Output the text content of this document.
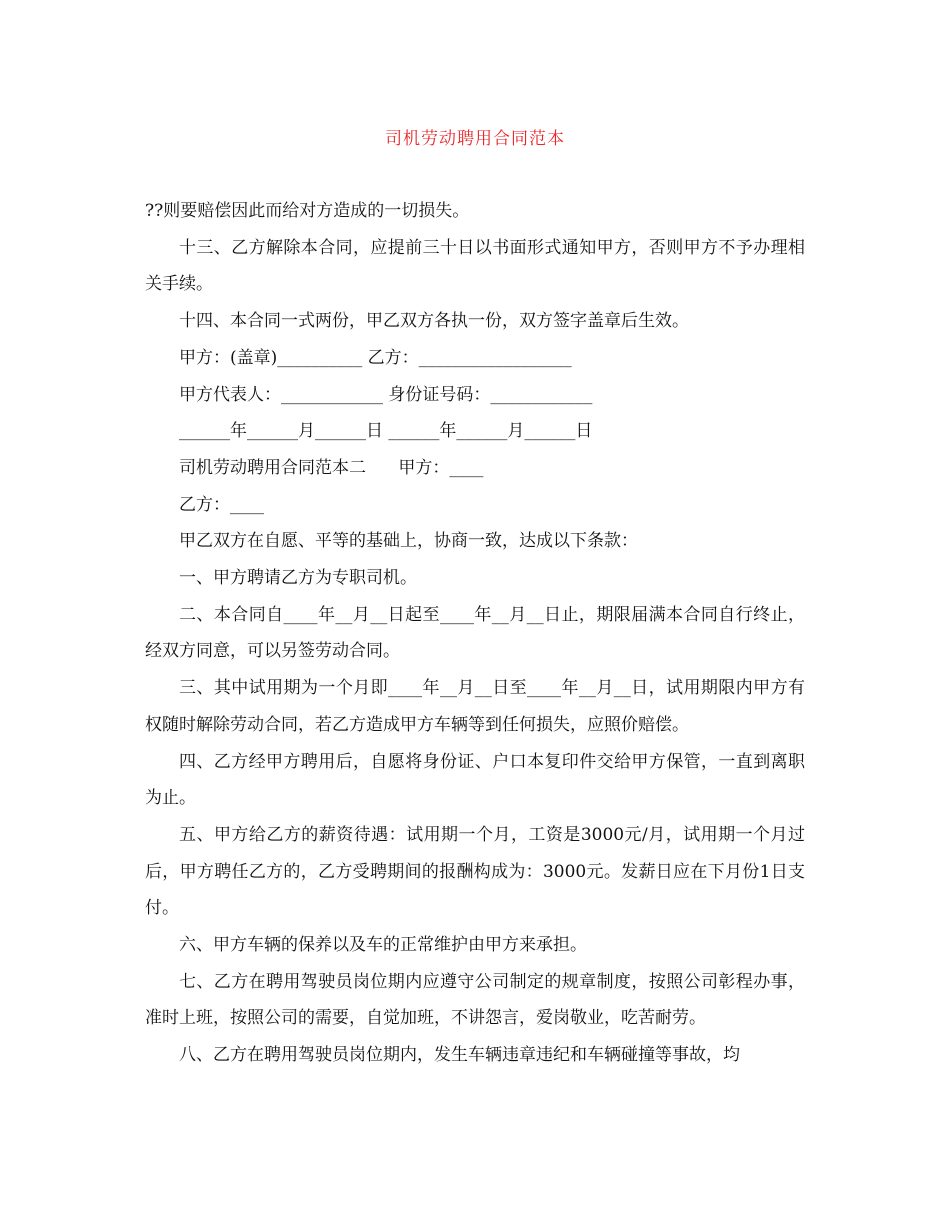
司机劳动聘用合同范本

??则要赔偿因此而给对方造成的一切损失。

十三、乙方解除本合同，应提前三十日以书面形式通知甲方，否则甲方不予办理相关手续。

十四、本合同一式两份，甲乙双方各执一份，双方签字盖章后生效。

甲方：(盖章)__________ 乙方：__________________

甲方代表人：____________ 身份证号码：____________

______年______月______日 ______年______月______日

司机劳动聘用合同范本二      甲方：____

乙方：____

甲乙双方在自愿、平等的基础上，协商一致，达成以下条款：

一、甲方聘请乙方为专职司机。

二、本合同自____年__月__日起至____年__月__日止，期限届满本合同自行终止，经双方同意，可以另签劳动合同。

三、其中试用期为一个月即____年__月__日至____年__月__日，试用期限内甲方有权随时解除劳动合同，若乙方造成甲方车辆等到任何损失，应照价赔偿。

四、乙方经甲方聘用后，自愿将身份证、户口本复印件交给甲方保管，一直到离职为止。

五、甲方给乙方的薪资待遇：试用期一个月，工资是3000元/月，试用期一个月过后，甲方聘任乙方的，乙方受聘期间的报酬构成为：3000元。发薪日应在下月份1日支付。

六、甲方车辆的保养以及车的正常维护由甲方来承担。

七、乙方在聘用驾驶员岗位期内应遵守公司制定的规章制度，按照公司彰程办事，准时上班，按照公司的需要，自觉加班，不讲怨言，爱岗敬业，吃苦耐劳。

八、乙方在聘用驾驶员岗位期内，发生车辆违章违纪和车辆碰撞等事故，均
